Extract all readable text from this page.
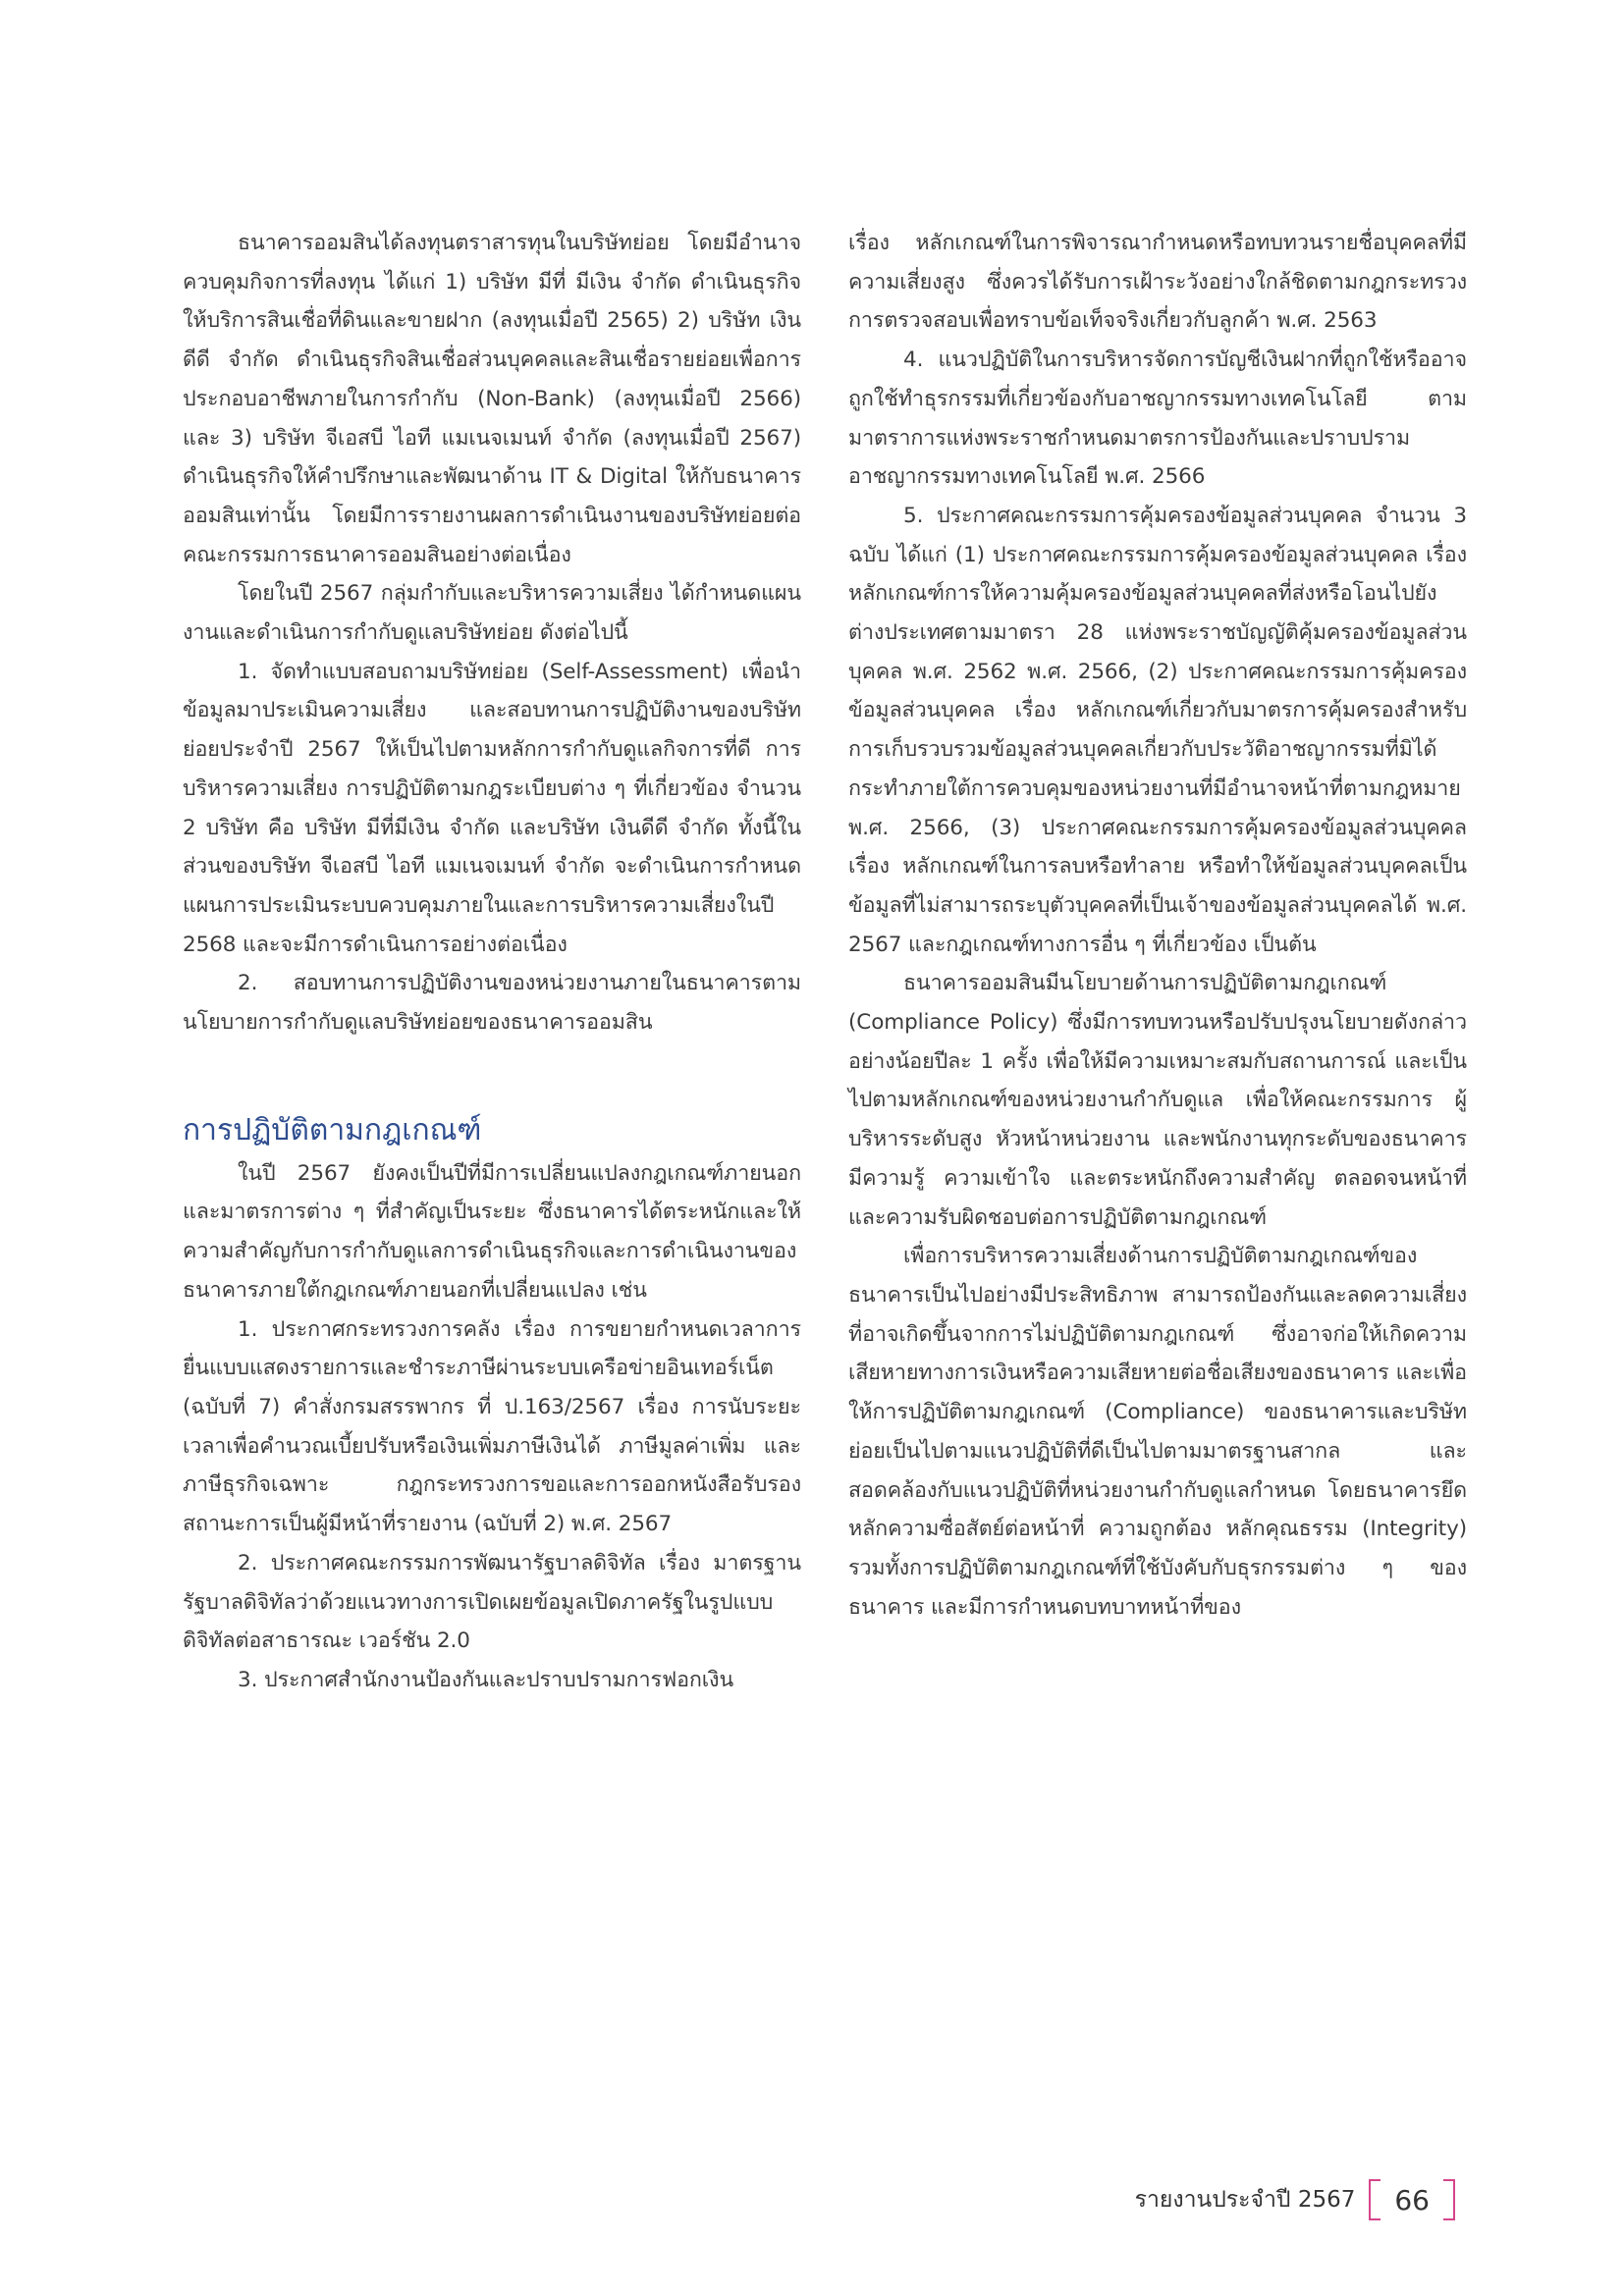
ธนาคารออมสินได้ลงทุนตราสารทุนในบริษัทย่อย โดยมีอำนาจควบคุมกิจการที่ลงทุน ได้แก่ 1) บริษัท มีที่ มีเงิน จำกัด ดำเนินธุรกิจให้บริการสินเชื่อที่ดินและขายฝาก (ลงทุนเมื่อปี 2565) 2) บริษัท เงินดีดี จำกัด ดำเนินธุรกิจสินเชื่อส่วนบุคคลและสินเชื่อรายย่อยเพื่อการประกอบอาชีพภายในการกำกับ (Non-Bank) (ลงทุนเมื่อปี 2566) และ 3) บริษัท จีเอสบี ไอที แมเนจเมนท์ จำกัด (ลงทุนเมื่อปี 2567) ดำเนินธุรกิจให้คำปรึกษาและพัฒนาด้าน IT & Digital ให้กับธนาคารออมสินเท่านั้น โดยมีการรายงานผลการดำเนินงานของบริษัทย่อยต่อคณะกรรมการธนาคารออมสินอย่างต่อเนื่อง

โดยในปี 2567 กลุ่มกำกับและบริหารความเสี่ยง ได้กำหนดแผนงานและดำเนินการกำกับดูแลบริษัทย่อย ดังต่อไปนี้

1. จัดทำแบบสอบถามบริษัทย่อย (Self-Assessment) เพื่อนำข้อมูลมาประเมินความเสี่ยง และสอบทานการปฏิบัติงานของบริษัทย่อยประจำปี 2567 ให้เป็นไปตามหลักการกำกับดูแลกิจการที่ดี การบริหารความเสี่ยง การปฏิบัติตามกฎระเบียบต่าง ๆ ที่เกี่ยวข้อง จำนวน 2 บริษัท คือ บริษัท มีที่มีเงิน จำกัด และบริษัท เงินดีดี จำกัด ทั้งนี้ในส่วนของบริษัท จีเอสบี ไอที แมเนจเมนท์ จำกัด จะดำเนินการกำหนดแผนการประเมินระบบควบคุมภายในและการบริหารความเสี่ยงในปี 2568 และจะมีการดำเนินการอย่างต่อเนื่อง

2. สอบทานการปฏิบัติงานของหน่วยงานภายในธนาคารตามนโยบายการกำกับดูแลบริษัทย่อยของธนาคารออมสิน

การปฏิบัติตามกฎเกณฑ์

ในปี 2567 ยังคงเป็นปีที่มีการเปลี่ยนแปลงกฎเกณฑ์ภายนอกและมาตรการต่าง ๆ ที่สำคัญเป็นระยะ ซึ่งธนาคารได้ตระหนักและให้ความสำคัญกับการกำกับดูแลการดำเนินธุรกิจและการดำเนินงานของธนาคารภายใต้กฎเกณฑ์ภายนอกที่เปลี่ยนแปลง เช่น

1. ประกาศกระทรวงการคลัง เรื่อง การขยายกำหนดเวลาการยื่นแบบแสดงรายการและชำระภาษีผ่านระบบเครือข่ายอินเทอร์เน็ต (ฉบับที่ 7) คำสั่งกรมสรรพากร ที่ ป.163/2567 เรื่อง การนับระยะเวลาเพื่อคำนวณเบี้ยปรับหรือเงินเพิ่มภาษีเงินได้ ภาษีมูลค่าเพิ่ม และภาษีธุรกิจเฉพาะ กฎกระทรวงการขอและการออกหนังสือรับรองสถานะการเป็นผู้มีหน้าที่รายงาน (ฉบับที่ 2) พ.ศ. 2567

2. ประกาศคณะกรรมการพัฒนารัฐบาลดิจิทัล เรื่อง มาตรฐานรัฐบาลดิจิทัลว่าด้วยแนวทางการเปิดเผยข้อมูลเปิดภาครัฐในรูปแบบดิจิทัลต่อสาธารณะ เวอร์ชัน 2.0

3. ประกาศสำนักงานป้องกันและปราบปรามการฟอกเงิน

เรื่อง หลักเกณฑ์ในการพิจารณากำหนดหรือทบทวนรายชื่อบุคคลที่มีความเสี่ยงสูง ซึ่งควรได้รับการเฝ้าระวังอย่างใกล้ชิดตามกฎกระทรวงการตรวจสอบเพื่อทราบข้อเท็จจริงเกี่ยวกับลูกค้า พ.ศ. 2563

4. แนวปฏิบัติในการบริหารจัดการบัญชีเงินฝากที่ถูกใช้หรืออาจถูกใช้ทำธุรกรรมที่เกี่ยวข้องกับอาชญากรรมทางเทคโนโลยี ตามมาตราการแห่งพระราชกำหนดมาตรการป้องกันและปราบปรามอาชญากรรมทางเทคโนโลยี พ.ศ. 2566

5. ประกาศคณะกรรมการคุ้มครองข้อมูลส่วนบุคคล จำนวน 3 ฉบับ ได้แก่ (1) ประกาศคณะกรรมการคุ้มครองข้อมูลส่วนบุคคล เรื่อง หลักเกณฑ์การให้ความคุ้มครองข้อมูลส่วนบุคคลที่ส่งหรือโอนไปยังต่างประเทศตามมาตรา 28 แห่งพระราชบัญญัติคุ้มครองข้อมูลส่วนบุคคล พ.ศ. 2562 พ.ศ. 2566, (2) ประกาศคณะกรรมการคุ้มครองข้อมูลส่วนบุคคล เรื่อง หลักเกณฑ์เกี่ยวกับมาตรการคุ้มครองสำหรับการเก็บรวบรวมข้อมูลส่วนบุคคลเกี่ยวกับประวัติอาชญากรรมที่มิได้กระทำภายใต้การควบคุมของหน่วยงานที่มีอำนาจหน้าที่ตามกฎหมาย พ.ศ. 2566, (3) ประกาศคณะกรรมการคุ้มครองข้อมูลส่วนบุคคล เรื่อง หลักเกณฑ์ในการลบหรือทำลาย หรือทำให้ข้อมูลส่วนบุคคลเป็นข้อมูลที่ไม่สามารถระบุตัวบุคคลที่เป็นเจ้าของข้อมูลส่วนบุคคลได้ พ.ศ. 2567 และกฎเกณฑ์ทางการอื่น ๆ ที่เกี่ยวข้อง เป็นต้น

ธนาคารออมสินมีนโยบายด้านการปฏิบัติตามกฎเกณฑ์ (Compliance Policy) ซึ่งมีการทบทวนหรือปรับปรุงนโยบายดังกล่าวอย่างน้อยปีละ 1 ครั้ง เพื่อให้มีความเหมาะสมกับสถานการณ์ และเป็นไปตามหลักเกณฑ์ของหน่วยงานกำกับดูแล เพื่อให้คณะกรรมการ ผู้บริหารระดับสูง หัวหน้าหน่วยงาน และพนักงานทุกระดับของธนาคาร มีความรู้ ความเข้าใจ และตระหนักถึงความสำคัญ ตลอดจนหน้าที่และความรับผิดชอบต่อการปฏิบัติตามกฎเกณฑ์

เพื่อการบริหารความเสี่ยงด้านการปฏิบัติตามกฎเกณฑ์ของธนาคารเป็นไปอย่างมีประสิทธิภาพ สามารถป้องกันและลดความเสี่ยงที่อาจเกิดขึ้นจากการไม่ปฏิบัติตามกฎเกณฑ์ ซึ่งอาจก่อให้เกิดความเสียหายทางการเงินหรือความเสียหายต่อชื่อเสียงของธนาคาร และเพื่อให้การปฏิบัติตามกฎเกณฑ์ (Compliance) ของธนาคารและบริษัทย่อยเป็นไปตามแนวปฏิบัติที่ดีเป็นไปตามมาตรฐานสากล และสอดคล้องกับแนวปฏิบัติที่หน่วยงานกำกับดูแลกำหนด โดยธนาคารยึดหลักความซื่อสัตย์ต่อหน้าที่ ความถูกต้อง หลักคุณธรรม (Integrity) รวมทั้งการปฏิบัติตามกฎเกณฑ์ที่ใช้บังคับกับธุรกรรมต่าง ๆ ของธนาคาร และมีการกำหนดบทบาทหน้าที่ของ

รายงานประจำปี 2567	66
